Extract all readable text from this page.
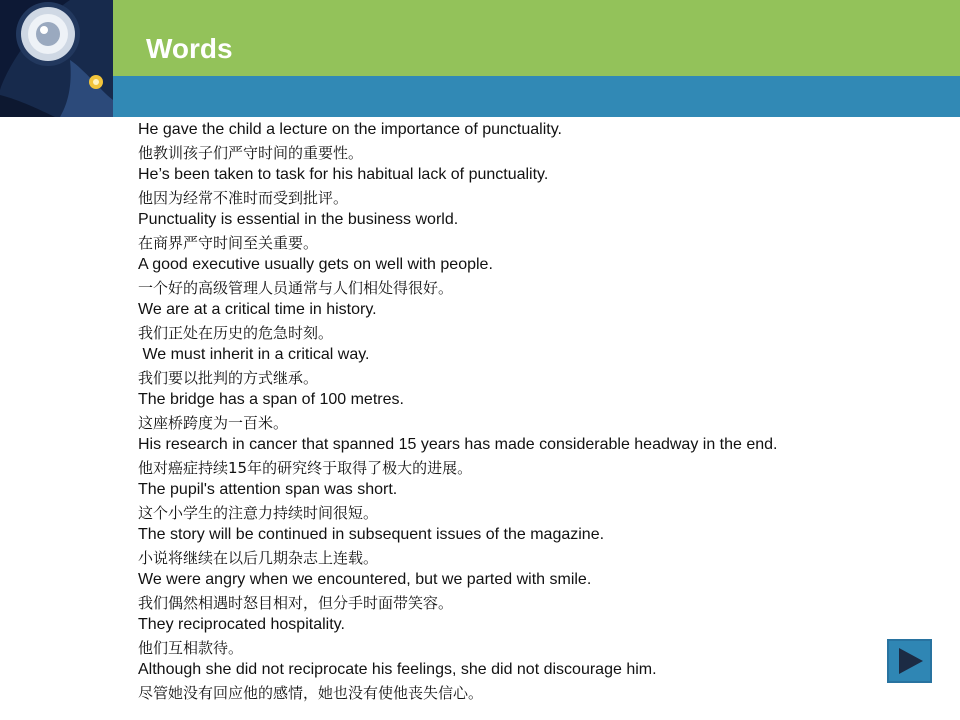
Words
He gave the child a lecture on the importance of punctuality.
他教训孩子们严守时间的重要性。
He’s been taken to task for his habitual lack of punctuality.
他因为经常不准时而受到批评。
Punctuality is essential in the business world.
在商界严守时间至关重要。
A good executive usually gets on well with people.
一个好的高级管理人员通常与人们相处得很好。
We are at a critical time in history.
我们正处在历史的危急时刻。
We must inherit in a critical way.
我们要以批判的方式继承。
The bridge has a span of 100 metres.
这座桥跨度为一百米。
His research in cancer that spanned 15 years has made considerable headway in the end.
他对癌症持续15年的研究终于取得了极大的进展。
The pupil's attention span was short.
这个小学生的注意力持续时间很短。
The story will be continued in subsequent issues of the magazine.
小说将继续在以后几期杂志上连载。
We were angry when we encountered, but we parted with smile.
我们偶然相遇时怒目相对，但分手时面带笑容。
They reciprocated hospitality.
他们互相款待。
Although she did not reciprocate his feelings, she did not discourage him.
尽管她没有回应他的感情，她也没有使他丧失信心。
